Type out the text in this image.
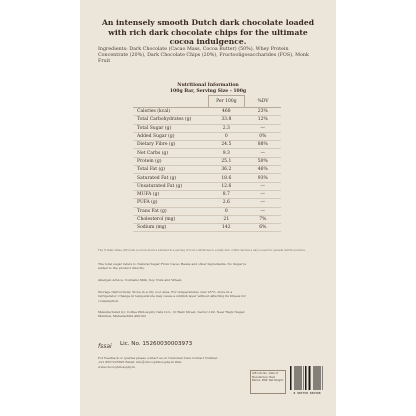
An intensely smooth Dutch dark chocolate loaded with rich dark chocolate chips for the ultimate cocoa indulgence.
Ingredients: Dark Chocolate (Cacao Mass, Cocoa Butter) (50%), Whey Protein Concentrate (20%), Dark Chocolate Chips (20%), Fructooligosaccharides (FOS), Monk Fruit
Nutritional Information
100g Bar, Serving Size - 100g
	Per 100g	%DV
Calories (kcal)	468	23%
Total Carbohydrates (g)	33.8	12%
Total Sugar (g)	2.3	—
Added Sugar (g)	0	0%
Dietary Fibre (g)	24.5	88%
Net Carbs (g)	9.3	—
Protein (g)	25.1	50%
Total Fat (g)	36.2	46%
Saturated Fat (g)	18.6	93%
Unsaturated Fat (g)	12.6	—
MUFA (g)	8.7	—
PUFA (g)	2.6	—
Trans Fat (g)	0	—
Cholesterol (mg)	21	7%
Sodium (mg)	142	6%
The % Daily Value (DV) tells you how much a nutrient in a serving of food contributes to a daily diet. 2,000 calories a day is used for general nutrition advice.
The total sugar refers to Natural Sugar From Cacao Beans and other ingredients. No Sugar is added to the product directly.
Allergen Advice: Contains Milk, Soy, Nuts and Wheat.
Storage Instructions: Store in a dry cool area. For temperatures over 25°C, store in a refrigerator. Change in temperature may cause a whitish layer without affecting its fitness for consumption.
Manufactured by: Coffee Philosophy Cafe Ltd., 10 Bent Street, Sector-102, Near Rajiv Nagar, Mumbai, Maharashtra 400102
fssai Lic. No. 15260030003973
For Feedback or queries please contact us on Customer Care Contact Number +91 8657225595 Email: info@chocophilosophy.in Web: www.chocophilosophy.in
Gift Lots No.: Date of Manufacture: Best Before: MRP: Net Weight:
8 903758 036398
